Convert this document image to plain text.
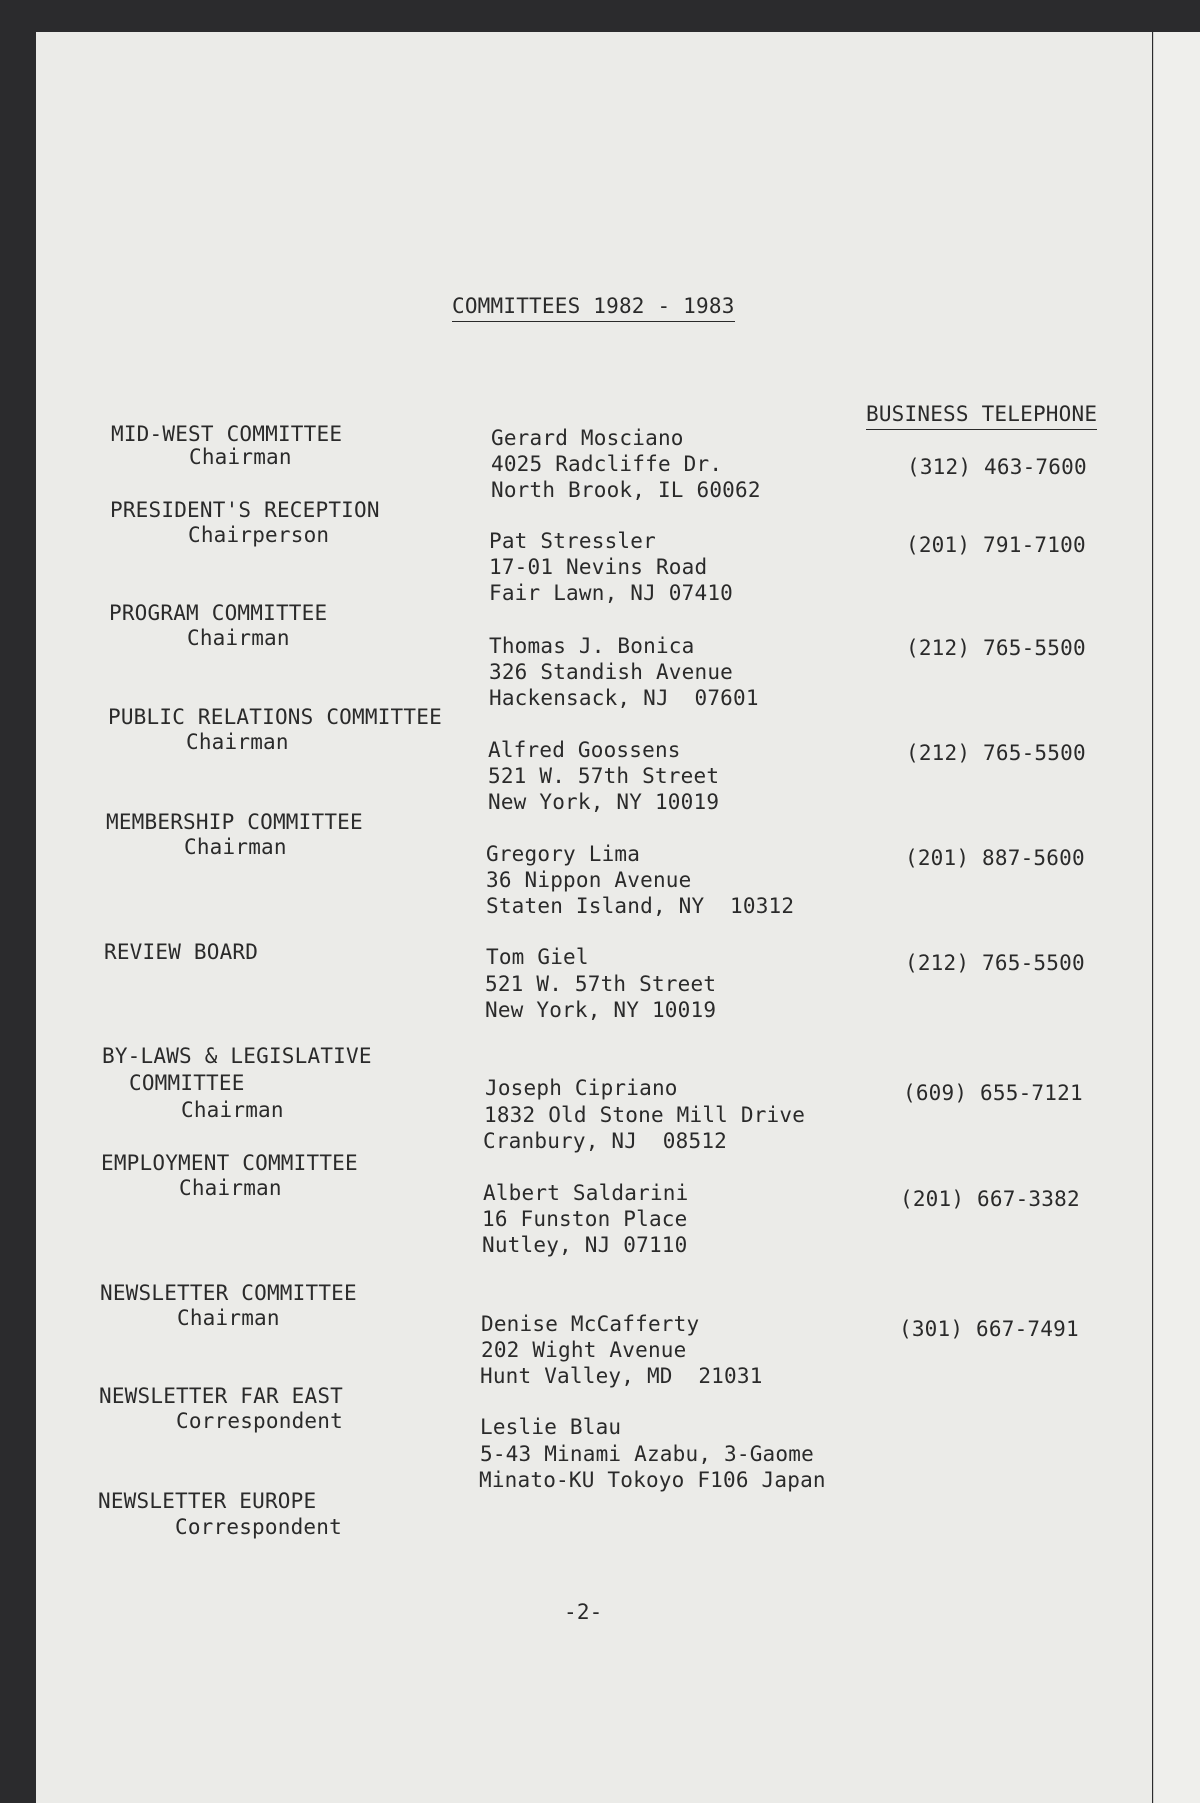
COMMITTEES 1982 - 1983
BUSINESS TELEPHONE
MID-WEST COMMITTEE
Chairman
PRESIDENT'S RECEPTION
Chairperson
PROGRAM COMMITTEE
Chairman
PUBLIC RELATIONS COMMITTEE
Chairman
MEMBERSHIP COMMITTEE
Chairman
REVIEW BOARD
BY-LAWS & LEGISLATIVE
COMMITTEE
Chairman
EMPLOYMENT COMMITTEE
Chairman
NEWSLETTER COMMITTEE
Chairman
NEWSLETTER FAR EAST
Correspondent
NEWSLETTER EUROPE
Correspondent
Gerard Mosciano
4025 Radcliffe Dr.
North Brook, IL 60062
Pat Stressler
17-01 Nevins Road
Fair Lawn, NJ 07410
Thomas J. Bonica
326 Standish Avenue
Hackensack, NJ  07601
Alfred Goossens
521 W. 57th Street
New York, NY 10019
Gregory Lima
36 Nippon Avenue
Staten Island, NY  10312
Tom Giel
521 W. 57th Street
New York, NY 10019
Joseph Cipriano
1832 Old Stone Mill Drive
Cranbury, NJ  08512
Albert Saldarini
16 Funston Place
Nutley, NJ 07110
Denise McCafferty
202 Wight Avenue
Hunt Valley, MD  21031
Leslie Blau
5-43 Minami Azabu, 3-Gaome
Minato-KU Tokoyo F106 Japan
(312) 463-7600
(201) 791-7100
(212) 765-5500
(212) 765-5500
(201) 887-5600
(212) 765-5500
(609) 655-7121
(201) 667-3382
(301) 667-7491
-2-
